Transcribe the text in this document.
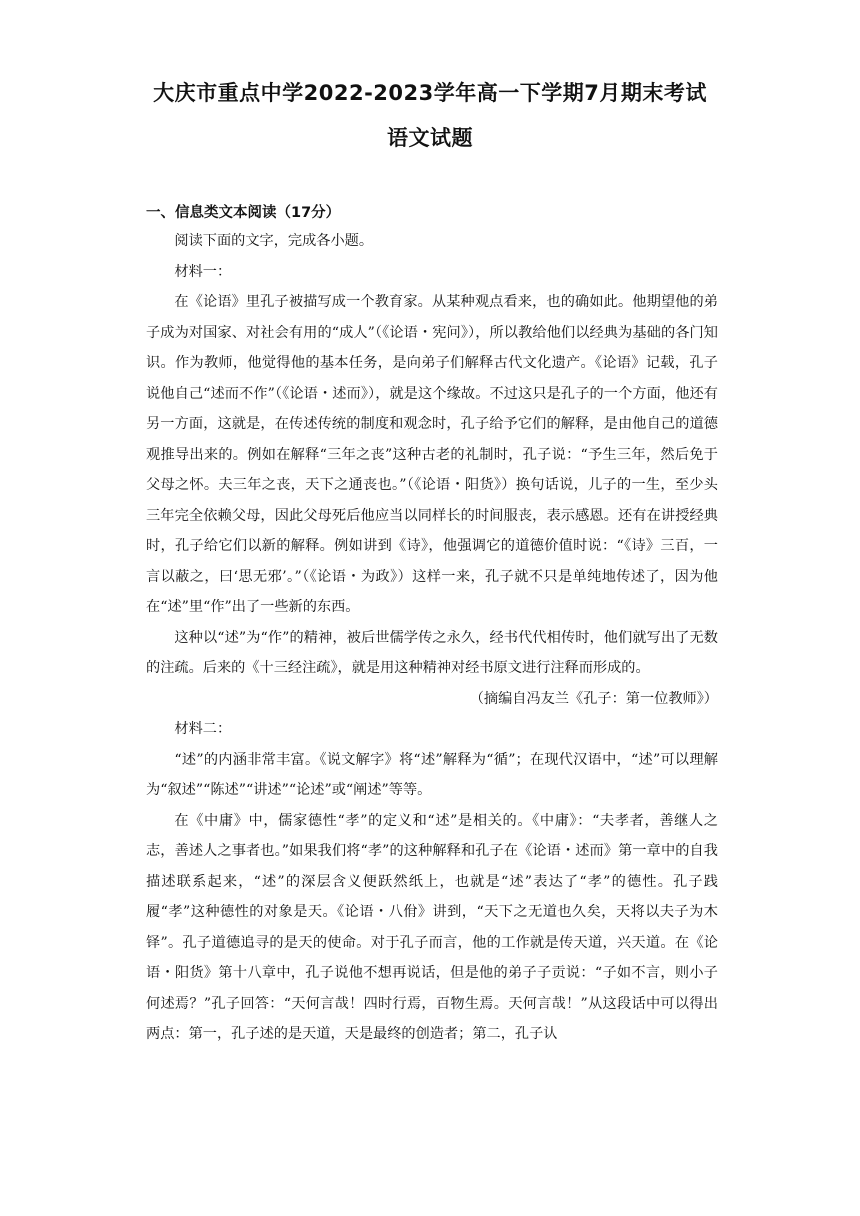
大庆市重点中学2022-2023学年高一下学期7月期末考试
语文试题
一、信息类文本阅读（17分）

阅读下面的文字，完成各小题。

材料一：

在《论语》里孔子被描写成一个教育家。从某种观点看来，也的确如此。他期望他的弟子成为对国家、对社会有用的“成人”（《论语・宪问》），所以教给他们以经典为基础的各门知识。作为教师，他觉得他的基本任务，是向弟子们解释古代文化遗产。《论语》记载，孔子说他自己“述而不作”（《论语・述而》），就是这个缘故。不过这只是孔子的一个方面，他还有另一方面，这就是，在传述传统的制度和观念时，孔子给予它们的解释，是由他自己的道德观推导出来的。例如在解释“三年之丧”这种古老的礼制时，孔子说：“予生三年，然后免于父母之怀。夫三年之丧，天下之通丧也。”（《论语・阳货》）换句话说，儿子的一生，至少头三年完全依赖父母，因此父母死后他应当以同样长的时间服丧，表示感恩。还有在讲授经典时，孔子给它们以新的解释。例如讲到《诗》，他强调它的道德价值时说：“《诗》三百，一言以蔽之，曰‘思无邪’。”（《论语・为政》）这样一来，孔子就不只是单纯地传述了，因为他在“述”里“作”出了一些新的东西。

这种以“述”为“作”的精神，被后世儒学传之永久，经书代代相传时，他们就写出了无数的注疏。后来的《十三经注疏》，就是用这种精神对经书原文进行注释而形成的。

（摘编自冯友兰《孔子：第一位教师》）

材料二：

“述”的内涵非常丰富。《说文解字》将“述”解释为“循”；在现代汉语中，“述”可以理解为“叙述”“陈述”“讲述”“论述”或“阐述”等等。

在《中庸》中，儒家德性“孝”的定义和“述”是相关的。《中庸》：“夫孝者，善继人之志，善述人之事者也。”如果我们将“孝”的这种解释和孔子在《论语・述而》第一章中的自我描述联系起来，“述”的深层含义便跃然纸上，也就是“述”表达了“孝”的德性。孔子践履“孝”这种德性的对象是天。《论语・八佾》讲到，“天下之无道也久矣，天将以夫子为木铎”。孔子道德追寻的是天的使命。对于孔子而言，他的工作就是传天道，兴天道。在《论语・阳货》第十八章中，孔子说他不想再说话，但是他的弟子子贡说：“子如不言，则小子何述焉？”孔子回答：“天何言哉！四时行焉，百物生焉。天何言哉！”从这段话中可以得出两点：第一，孔子述的是天道，天是最终的创造者；第二，孔子认
